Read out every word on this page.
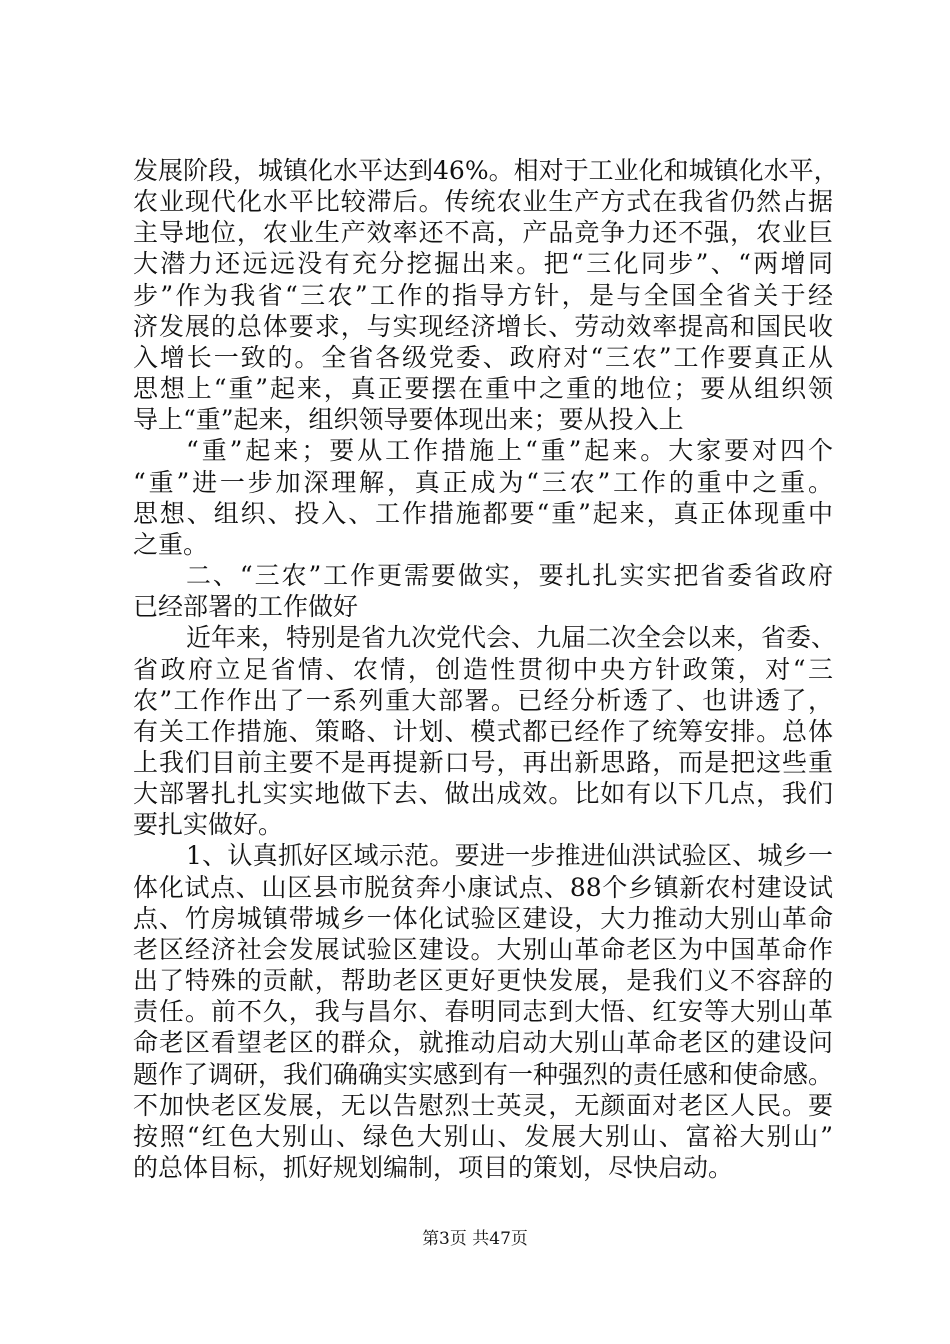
发展阶段，城镇化水平达到46%。相对于工业化和城镇化水平，
农业现代化水平比较滞后。传统农业生产方式在我省仍然占据
主导地位，农业生产效率还不高，产品竞争力还不强，农业巨
大潜力还远远没有充分挖掘出来。把“三化同步”、“两增同
步”作为我省“三农”工作的指导方针，是与全国全省关于经
济发展的总体要求，与实现经济增长、劳动效率提高和国民收
入增长一致的。全省各级党委、政府对“三农”工作要真正从
思想上“重”起来，真正要摆在重中之重的地位；要从组织领
导上“重”起来，组织领导要体现出来；要从投入上
“重”起来；要从工作措施上“重”起来。大家要对四个
“重”进一步加深理解，真正成为“三农”工作的重中之重。
思想、组织、投入、工作措施都要“重”起来，真正体现重中
之重。
二、“三农”工作更需要做实，要扎扎实实把省委省政府
已经部署的工作做好
近年来，特别是省九次党代会、九届二次全会以来，省委、
省政府立足省情、农情，创造性贯彻中央方针政策，对“三
农”工作作出了一系列重大部署。已经分析透了、也讲透了，
有关工作措施、策略、计划、模式都已经作了统筹安排。总体
上我们目前主要不是再提新口号，再出新思路，而是把这些重
大部署扎扎实实地做下去、做出成效。比如有以下几点，我们
要扎实做好。
1、认真抓好区域示范。要进一步推进仙洪试验区、城乡一
体化试点、山区县市脱贫奔小康试点、88个乡镇新农村建设试
点、竹房城镇带城乡一体化试验区建设，大力推动大别山革命
老区经济社会发展试验区建设。大别山革命老区为中国革命作
出了特殊的贡献，帮助老区更好更快发展，是我们义不容辞的
责任。前不久，我与昌尔、春明同志到大悟、红安等大别山革
命老区看望老区的群众，就推动启动大别山革命老区的建设问
题作了调研，我们确确实实感到有一种强烈的责任感和使命感。
不加快老区发展，无以告慰烈士英灵，无颜面对老区人民。要
按照“红色大别山、绿色大别山、发展大别山、富裕大别山”
的总体目标，抓好规划编制，项目的策划，尽快启动。
第3页 共47页
